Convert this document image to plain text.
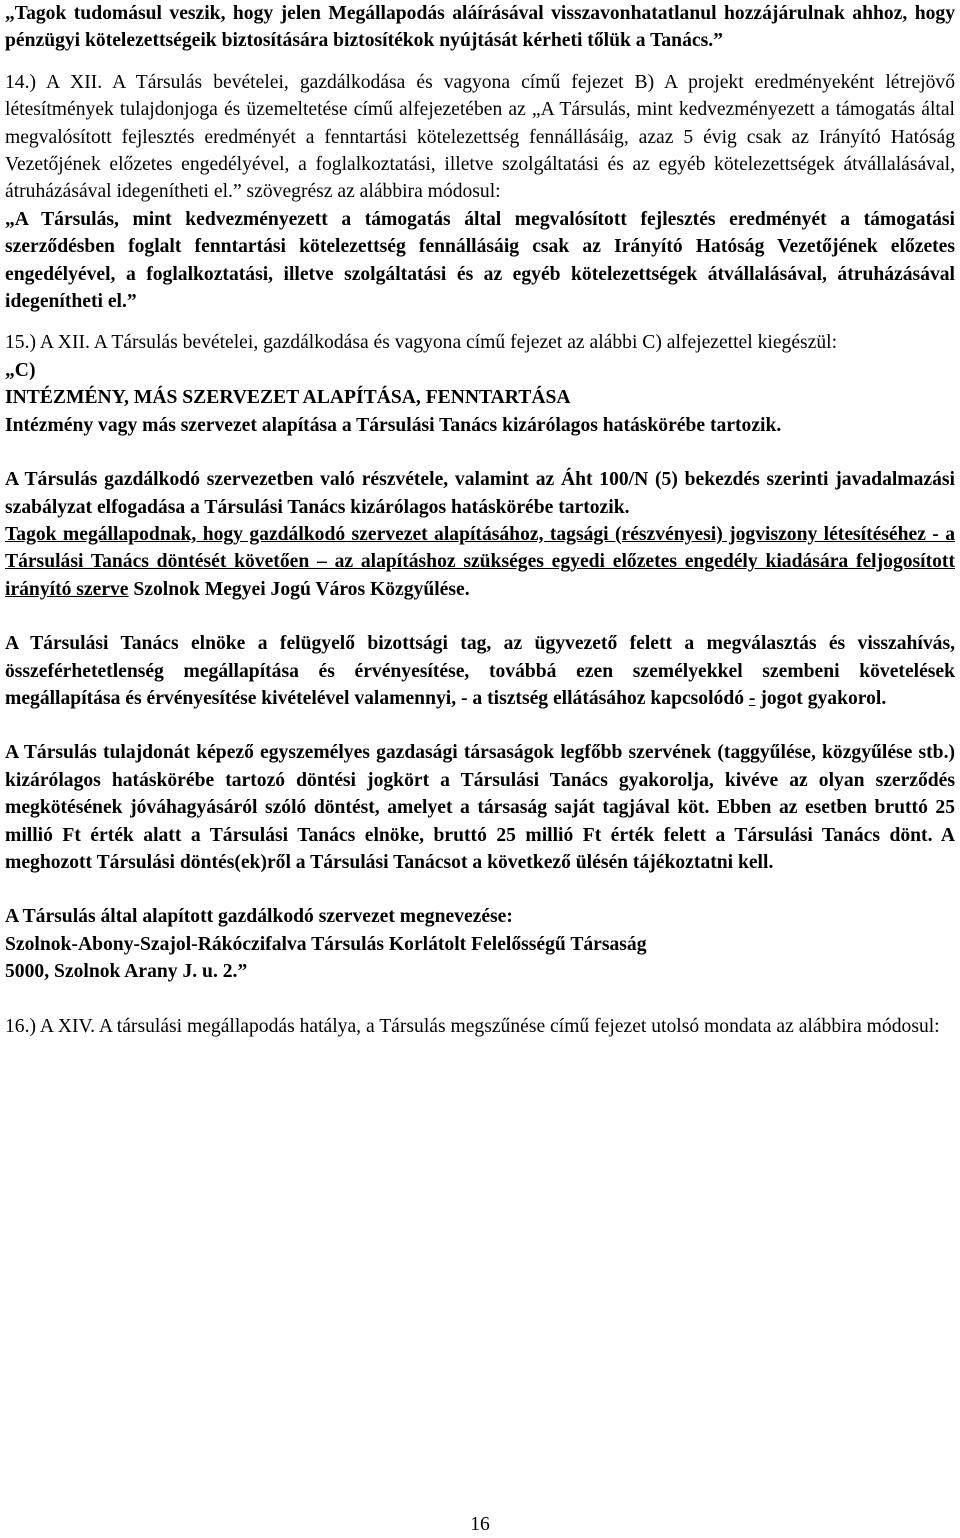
„Tagok tudomásul veszik, hogy jelen Megállapodás aláírásával visszavonhatatlanul hozzájárulnak ahhoz, hogy pénzügyi kötelezettségeik biztosítására biztosítékok nyújtását kérheti tőlük a Tanács.”

14.) A XII. A Társulás bevételei, gazdálkodása és vagyona című fejezet B) A projekt eredményeként létrejövő létesítmények tulajdonjoga és üzemeltetése című alfejezetében az „A Társulás, mint kedvezményezett a támogatás által megvalósított fejlesztés eredményét a fenntartási kötelezettség fennállásáig, azaz 5 évig csak az Irányító Hatóság Vezetőjének előzetes engedélyével, a foglalkoztatási, illetve szolgáltatási és az egyéb kötelezettségek átvállalásával, átruházásával idegenítheti el.” szövegrész az alábbira módosul:

„A Társulás, mint kedvezményezett a támogatás által megvalósított fejlesztés eredményét a támogatási szerződésben foglalt fenntartási kötelezettség fennállásáig csak az Irányító Hatóság Vezetőjének előzetes engedélyével, a foglalkoztatási, illetve szolgáltatási és az egyéb kötelezettségek átvállalásával, átruházásával idegenítheti el.”

15.) A XII. A Társulás bevételei, gazdálkodása és vagyona című fejezet az alábbi C) alfejezettel kiegészül:

„C)

INTÉZMÉNY, MÁS SZERVEZET ALAPÍTÁSA, FENNTARTÁSA

Intézmény vagy más szervezet alapítása a Társulási Tanács kizárólagos hatáskörébe tartozik.

A Társulás gazdálkodó szervezetben való részvétele, valamint az Áht 100/N (5) bekezdés szerinti javadalmazási szabályzat elfogadása a Társulási Tanács kizárólagos hatáskörébe tartozik.

Tagok megállapodnak, hogy gazdálkodó szervezet alapításához, tagsági (részvényesi) jogviszony létesítéséhez - a Társulási Tanács döntését követően – az alapításhoz szükséges egyedi előzetes engedély kiadására feljogosított irányító szerve Szolnok Megyei Jogú Város Közgyűlése.

A Társulási Tanács elnöke a felügyelő bizottsági tag, az ügyvezető felett a megválasztás és visszahívás, összeférhetetlenség megállapítása és érvényesítése, továbbá ezen személyekkel szembeni követelések megállapítása és érvényesítése kivételével valamennyi, - a tisztség ellátásához kapcsolódó - jogot gyakorol.

A Társulás tulajdonát képező egyszemélyes gazdasági társaságok legfőbb szervének (taggyűlése, közgyűlése stb.) kizárólagos hatáskörébe tartozó döntési jogkört a Társulási Tanács gyakorolja, kivéve az olyan szerződés megkötésének jóváhagyásáról szóló döntést, amelyet a társaság saját tagjával köt. Ebben az esetben bruttó 25 millió Ft érték alatt a Társulási Tanács elnöke, bruttó 25 millió Ft érték felett a Társulási Tanács dönt. A meghozott Társulási döntés(ek)ről a Társulási Tanácsot a következő ülésén tájékoztatni kell.

A Társulás által alapított gazdálkodó szervezet megnevezése:

Szolnok-Abony-Szajol-Rákóczifalva Társulás Korlátolt Felelősségű Társaság

5000, Szolnok Arany J. u. 2.”

16.) A XIV. A társulási megállapodás hatálya, a Társulás megszűnése című fejezet utolsó mondata az alábbira módosul:

16
